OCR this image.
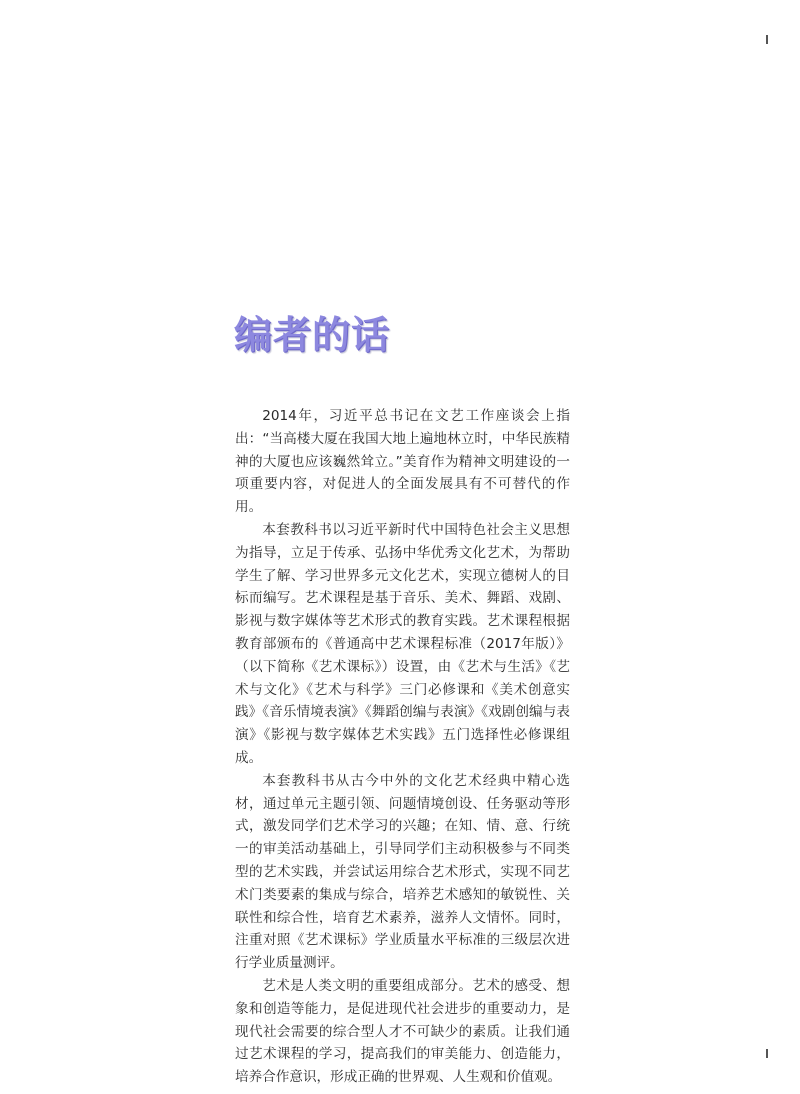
编者的话

2014年，习近平总书记在文艺工作座谈会上指出：“当高楼大厦在我国大地上遍地林立时，中华民族精神的大厦也应该巍然耸立。”美育作为精神文明建设的一项重要内容，对促进人的全面发展具有不可替代的作用。

本套教科书以习近平新时代中国特色社会主义思想为指导，立足于传承、弘扬中华优秀文化艺术，为帮助学生了解、学习世界多元文化艺术，实现立德树人的目标而编写。艺术课程是基于音乐、美术、舞蹈、戏剧、影视与数字媒体等艺术形式的教育实践。艺术课程根据教育部颁布的《普通高中艺术课程标准（2017年版）》（以下简称《艺术课标》）设置，由《艺术与生活》《艺术与文化》《艺术与科学》三门必修课和《美术创意实践》《音乐情境表演》《舞蹈创编与表演》《戏剧创编与表演》《影视与数字媒体艺术实践》五门选择性必修课组成。

本套教科书从古今中外的文化艺术经典中精心选材，通过单元主题引领、问题情境创设、任务驱动等形式，激发同学们艺术学习的兴趣；在知、情、意、行统一的审美活动基础上，引导同学们主动积极参与不同类型的艺术实践，并尝试运用综合艺术形式，实现不同艺术门类要素的集成与综合，培养艺术感知的敏锐性、关联性和综合性，培育艺术素养，滋养人文情怀。同时，注重对照《艺术课标》学业质量水平标准的三级层次进行学业质量测评。

艺术是人类文明的重要组成部分。艺术的感受、想象和创造等能力，是促进现代社会进步的重要动力，是现代社会需要的综合型人才不可缺少的素质。让我们通过艺术课程的学习，提高我们的审美能力、创造能力，培养合作意识，形成正确的世界观、人生观和价值观。
